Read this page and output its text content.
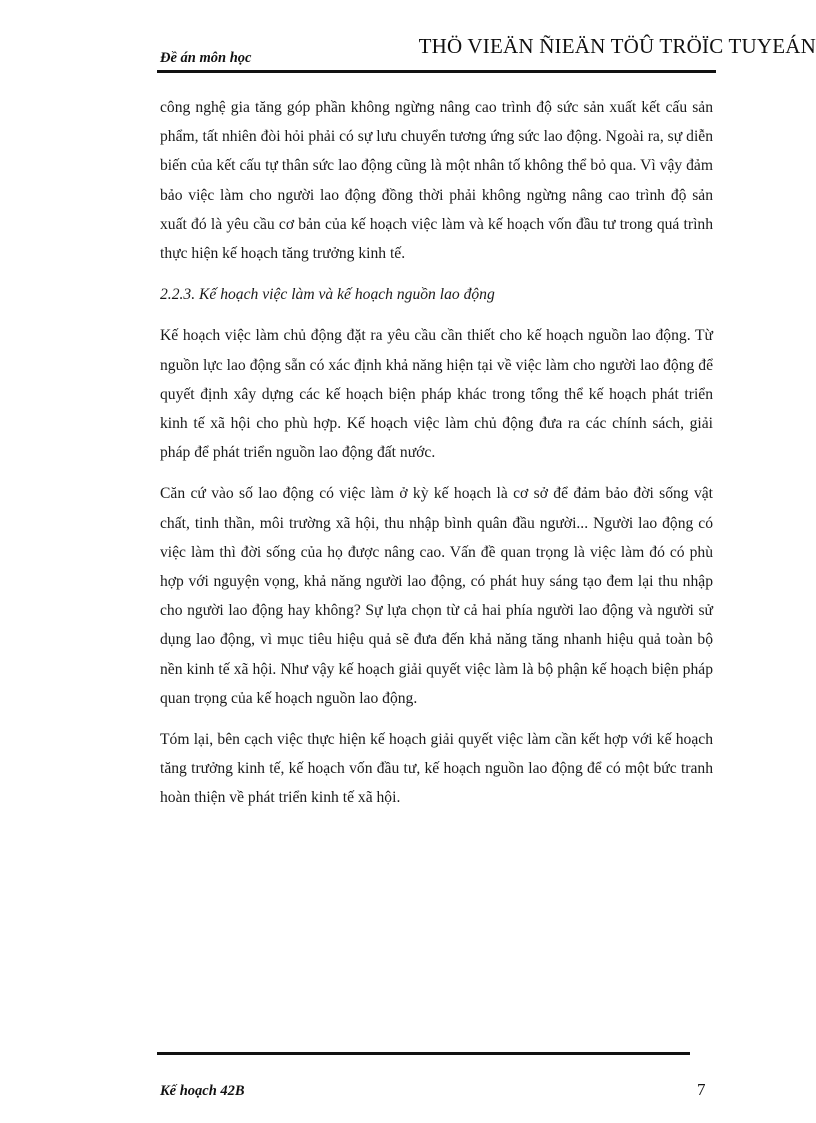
THÖ VIEÄN ÑIEÄN TÖÛ TRÖÏC TUYEÁN
Đề án môn học

công nghệ gia tăng góp phần không ngừng nâng cao trình độ sức sản xuất kết cấu sản phẩm, tất nhiên đòi hỏi phải có sự lưu chuyển tương ứng sức lao động. Ngoài ra, sự diễn biến của kết cấu tự thân sức lao động cũng là một nhân tố không thể bỏ qua. Vì vậy đảm bảo việc làm cho người lao động đồng thời phải không ngừng nâng cao trình độ sản xuất đó là yêu cầu cơ bản của kế hoạch việc làm và kế hoạch vốn đầu tư trong quá trình thực hiện kế hoạch tăng trưởng kinh tế.

2.2.3. Kế hoạch việc làm và kế hoạch nguồn lao động

Kế hoạch việc làm chủ động đặt ra yêu cầu cần thiết cho kế hoạch nguồn lao động. Từ nguồn lực lao động sẵn có xác định khả năng hiện tại về việc làm cho người lao động để quyết định xây dựng các kế hoạch biện pháp khác trong tổng thể kế hoạch phát triển kinh tế xã hội cho phù hợp. Kế hoạch việc làm chủ động đưa ra các chính sách, giải pháp để phát triển nguồn lao động đất nước.

Căn cứ vào số lao động có việc làm ở kỳ kế hoạch là cơ sở để đảm bảo đời sống vật chất, tinh thần, môi trường xã hội, thu nhập bình quân đầu người... Người lao động có việc làm thì đời sống của họ được nâng cao. Vấn đề quan trọng là việc làm đó có phù hợp với nguyện vọng, khả năng người lao động, có phát huy sáng tạo đem lại thu nhập cho người lao động hay không? Sự lựa chọn từ cả hai phía người lao động và người sử dụng lao động, vì mục tiêu hiệu quả sẽ đưa đến khả năng tăng nhanh hiệu quả toàn bộ nền kinh tế xã hội. Như vậy kế hoạch giải quyết việc làm là bộ phận kế hoạch biện pháp quan trọng của kế hoạch nguồn lao động.

Tóm lại, bên cạch việc thực hiện kế hoạch giải quyết việc làm cần kết hợp với kế hoạch tăng trưởng kinh tế, kế hoạch vốn đầu tư, kế hoạch nguồn lao động để có một bức tranh hoàn thiện về phát triển kinh tế xã hội.

Kế hoạch 42B	7
